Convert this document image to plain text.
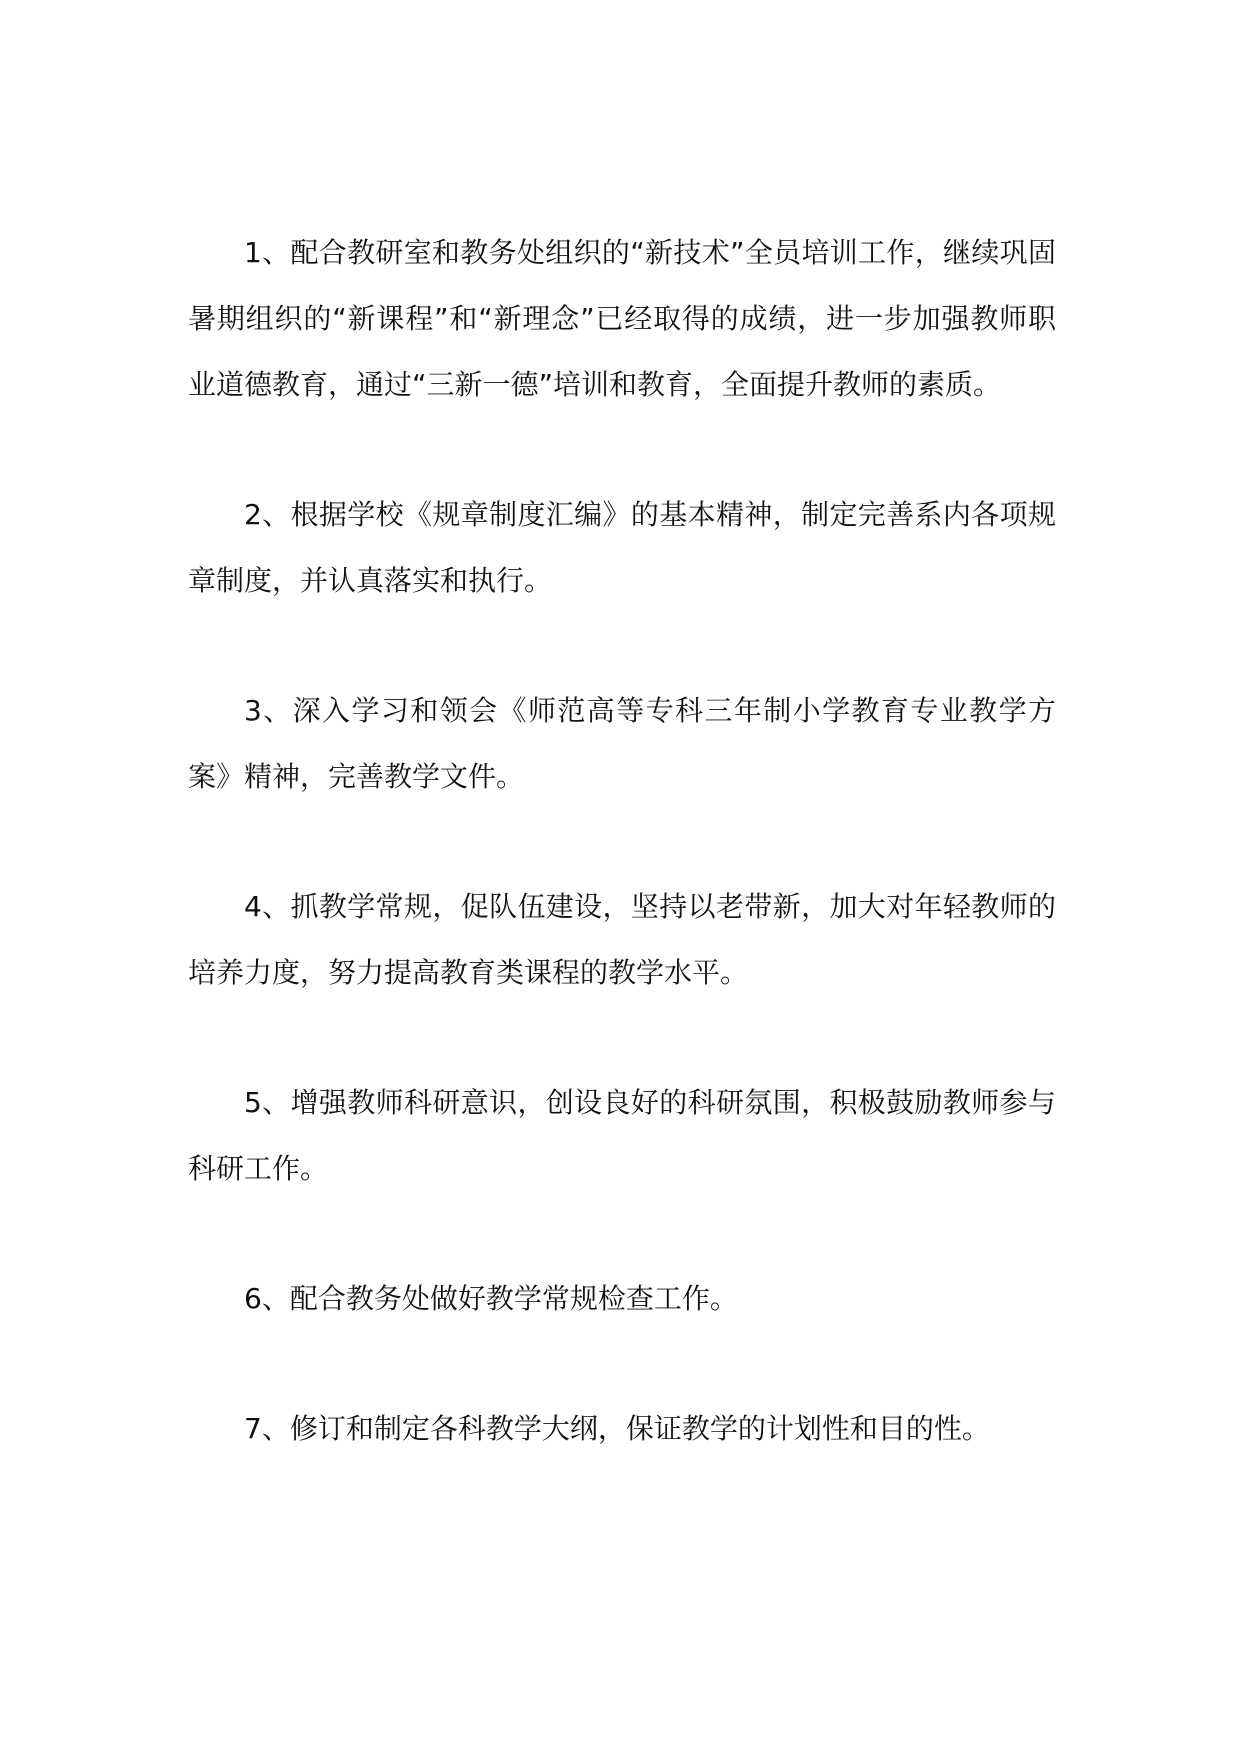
1、配合教研室和教务处组织的“新技术”全员培训工作，继续巩固暑期组织的“新课程”和“新理念”已经取得的成绩，进一步加强教师职业道德教育，通过“三新一德”培训和教育，全面提升教师的素质。

2、根据学校《规章制度汇编》的基本精神，制定完善系内各项规章制度，并认真落实和执行。

3、深入学习和领会《师范高等专科三年制小学教育专业教学方案》精神，完善教学文件。

4、抓教学常规，促队伍建设，坚持以老带新，加大对年轻教师的培养力度，努力提高教育类课程的教学水平。

5、增强教师科研意识，创设良好的科研氛围，积极鼓励教师参与科研工作。

6、配合教务处做好教学常规检查工作。

7、修订和制定各科教学大纲，保证教学的计划性和目的性。
